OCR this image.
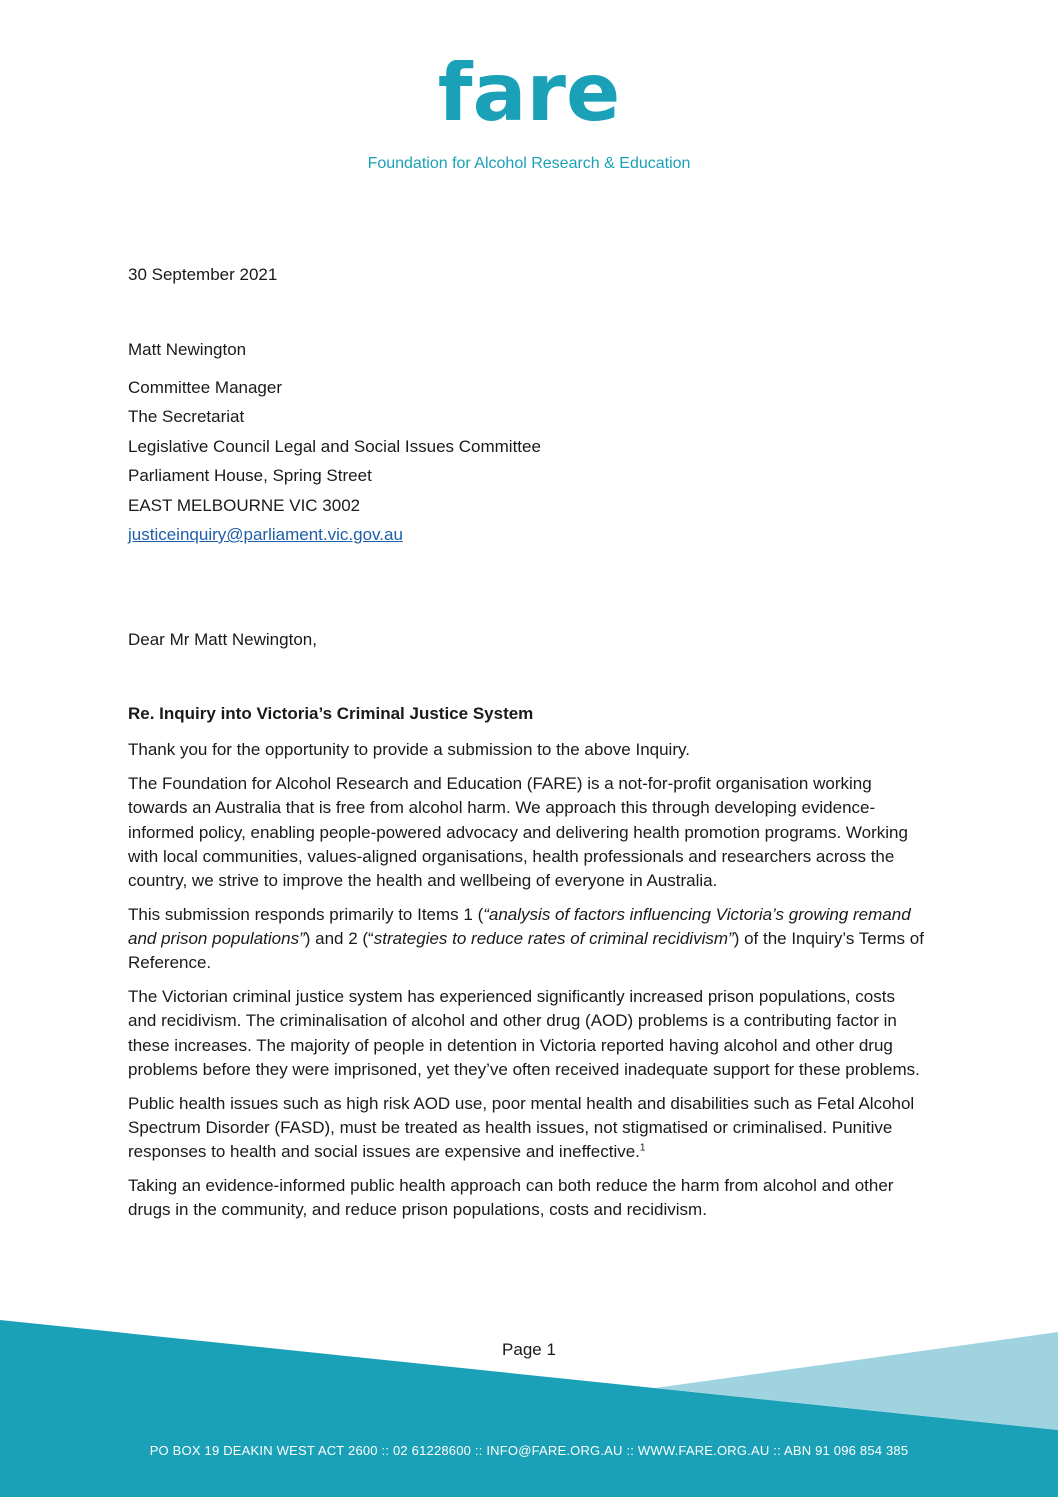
fare
Foundation for Alcohol Research & Education
30 September 2021
Matt Newington
Committee Manager
The Secretariat
Legislative Council Legal and Social Issues Committee
Parliament House, Spring Street
EAST MELBOURNE VIC 3002
justiceinquiry@parliament.vic.gov.au
Dear Mr Matt Newington,

Re. Inquiry into Victoria’s Criminal Justice System

Thank you for the opportunity to provide a submission to the above Inquiry.

The Foundation for Alcohol Research and Education (FARE) is a not-for-profit organisation working towards an Australia that is free from alcohol harm. We approach this through developing evidence-informed policy, enabling people-powered advocacy and delivering health promotion programs. Working with local communities, values-aligned organisations, health professionals and researchers across the country, we strive to improve the health and wellbeing of everyone in Australia.

This submission responds primarily to Items 1 (“analysis of factors influencing Victoria’s growing remand and prison populations”) and 2 (“strategies to reduce rates of criminal recidivism”) of the Inquiry’s Terms of Reference.

The Victorian criminal justice system has experienced significantly increased prison populations, costs and recidivism. The criminalisation of alcohol and other drug (AOD) problems is a contributing factor in these increases. The majority of people in detention in Victoria reported having alcohol and other drug problems before they were imprisoned, yet they’ve often received inadequate support for these problems.

Public health issues such as high risk AOD use, poor mental health and disabilities such as Fetal Alcohol Spectrum Disorder (FASD), must be treated as health issues, not stigmatised or criminalised. Punitive responses to health and social issues are expensive and ineffective.$^1$

Taking an evidence-informed public health approach can both reduce the harm from alcohol and other drugs in the community, and reduce prison populations, costs and recidivism.

Page 1
PO BOX 19 DEAKIN WEST ACT 2600 :: 02 61228600 :: INFO@FARE.ORG.AU :: WWW.FARE.ORG.AU :: ABN 91 096 854 385
